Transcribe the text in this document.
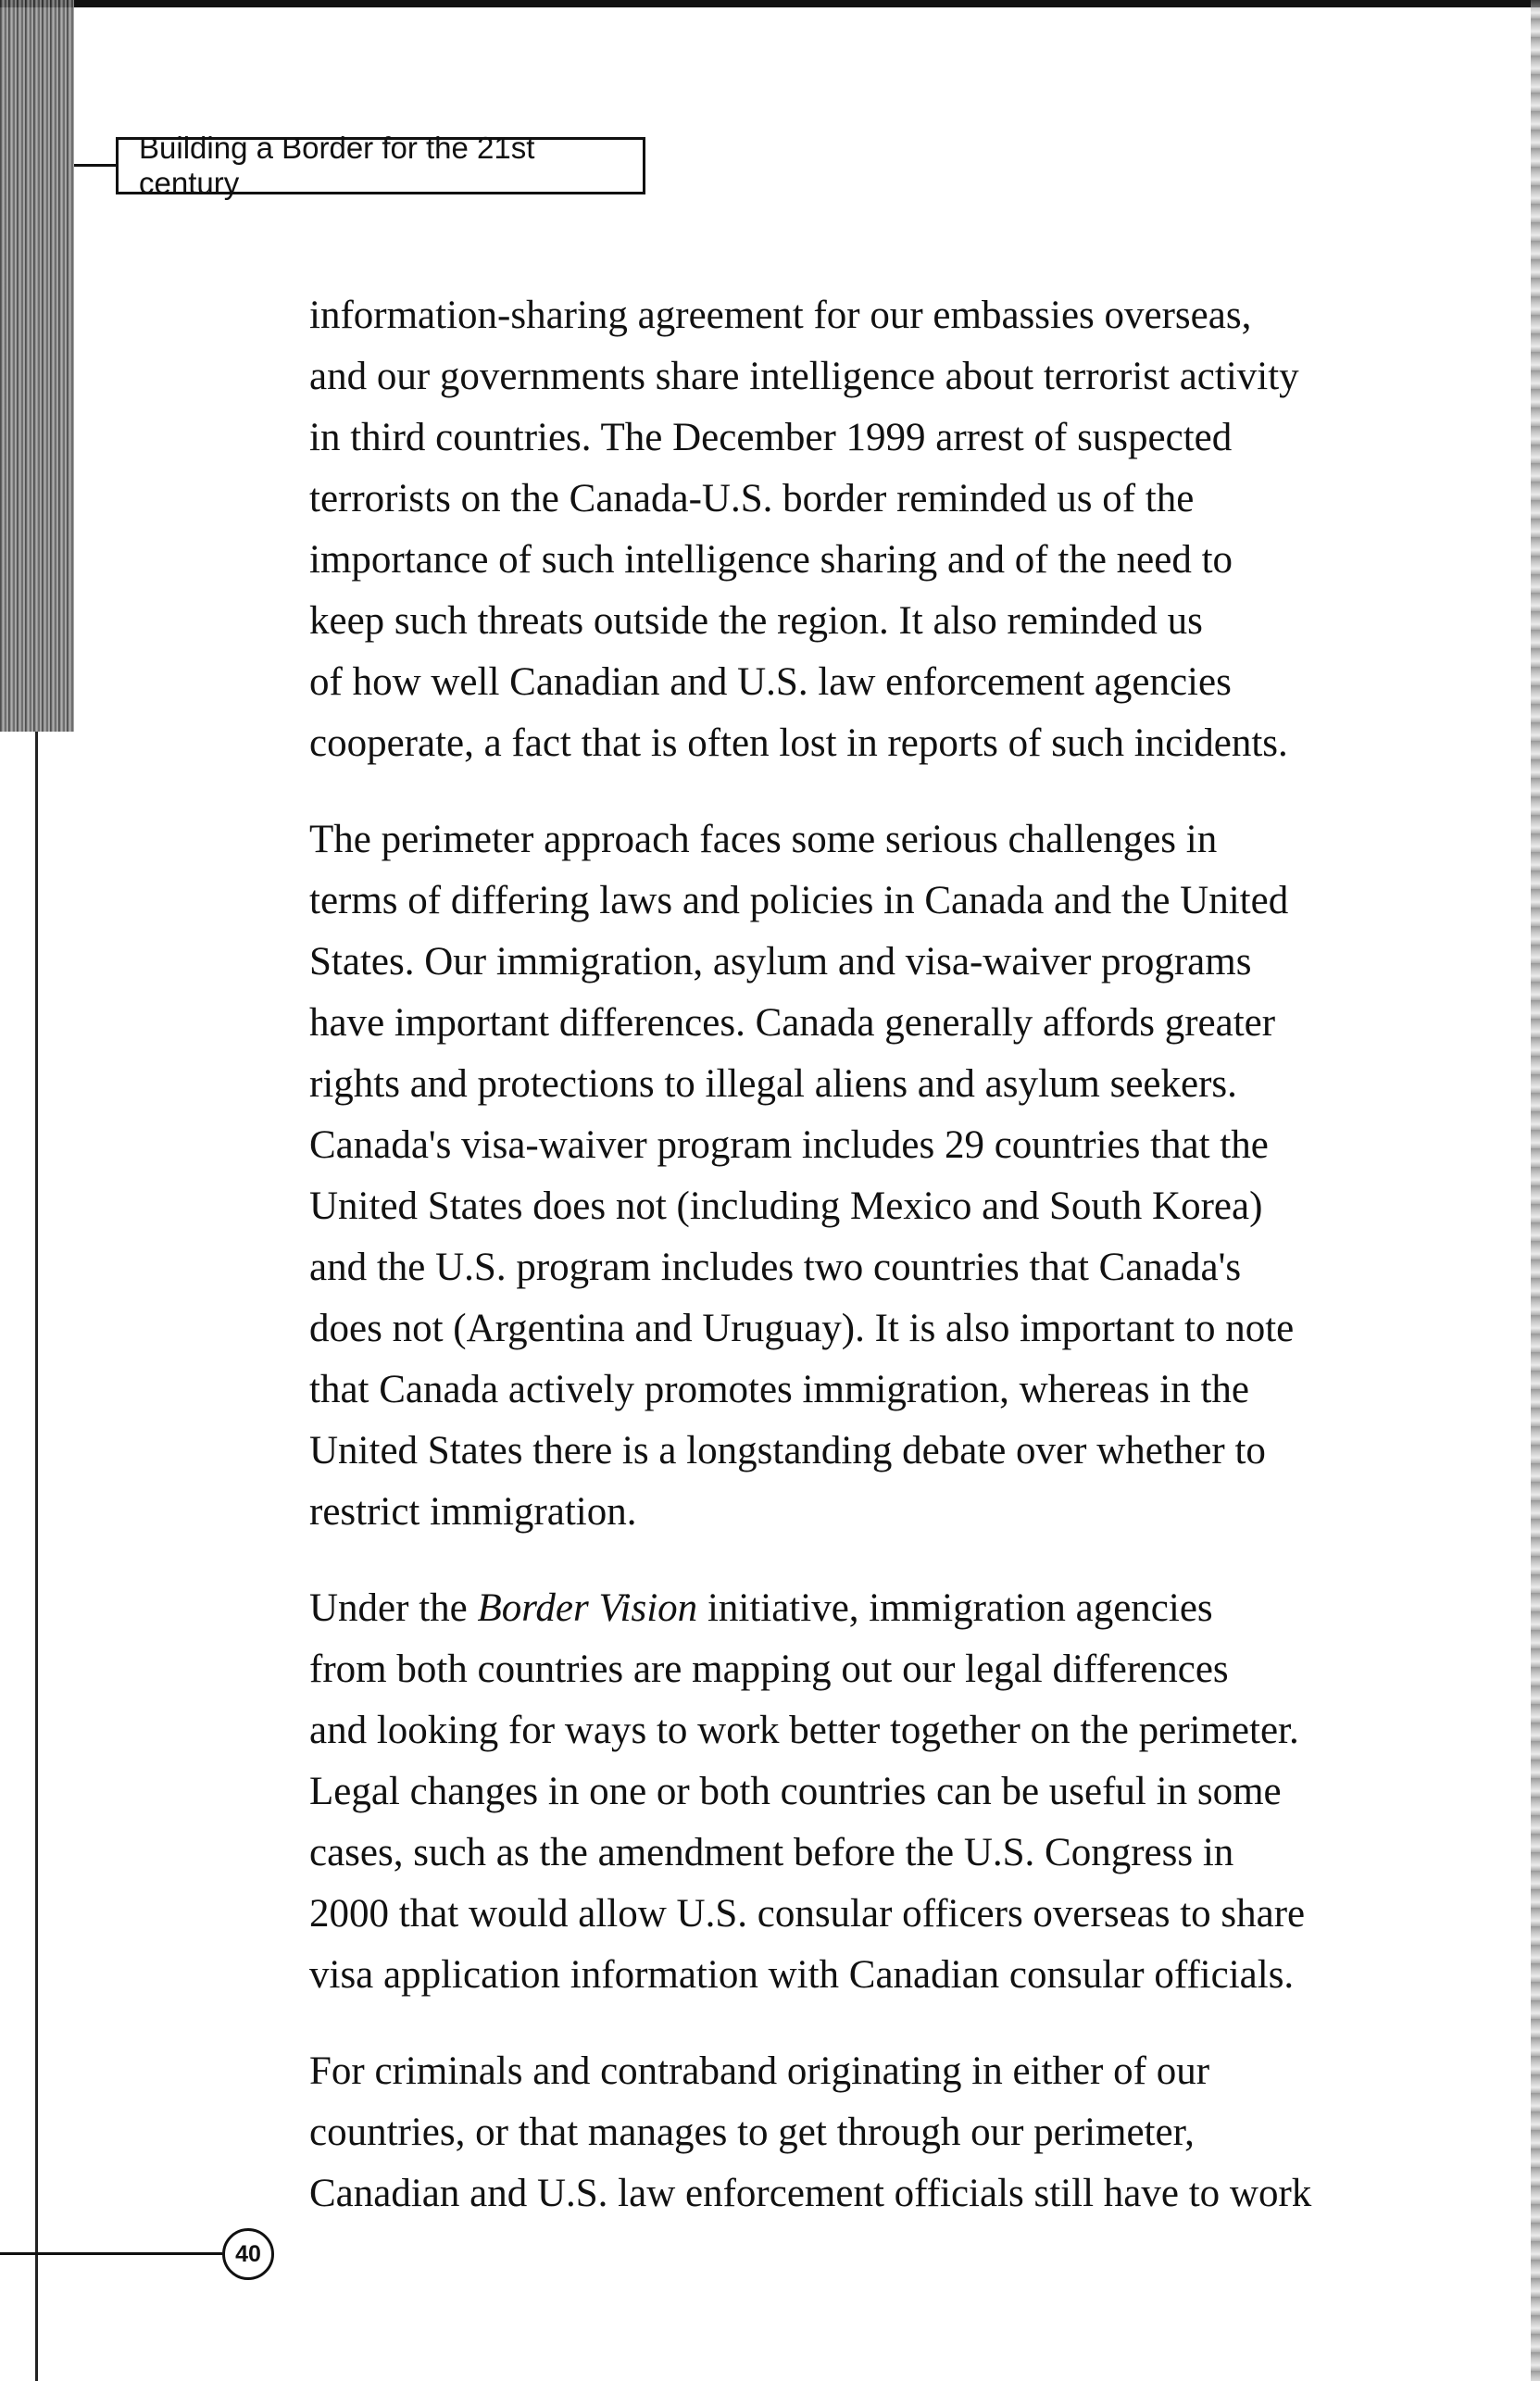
Building a Border for the 21st century

information-sharing agreement for our embassies overseas,
and our governments share intelligence about terrorist activity
in third countries. The December 1999 arrest of suspected
terrorists on the Canada-U.S. border reminded us of the
importance of such intelligence sharing and of the need to
keep such threats outside the region. It also reminded us
of how well Canadian and U.S. law enforcement agencies
cooperate, a fact that is often lost in reports of such incidents.

The perimeter approach faces some serious challenges in
terms of differing laws and policies in Canada and the United
States. Our immigration, asylum and visa-waiver programs
have important differences. Canada generally affords greater
rights and protections to illegal aliens and asylum seekers.
Canada's visa-waiver program includes 29 countries that the
United States does not (including Mexico and South Korea)
and the U.S. program includes two countries that Canada's
does not (Argentina and Uruguay). It is also important to note
that Canada actively promotes immigration, whereas in the
United States there is a longstanding debate over whether to
restrict immigration.

Under the Border Vision initiative, immigration agencies
from both countries are mapping out our legal differences
and looking for ways to work better together on the perimeter.
Legal changes in one or both countries can be useful in some
cases, such as the amendment before the U.S. Congress in
2000 that would allow U.S. consular officers overseas to share
visa application information with Canadian consular officials.

For criminals and contraband originating in either of our
countries, or that manages to get through our perimeter,
Canadian and U.S. law enforcement officials still have to work

40
